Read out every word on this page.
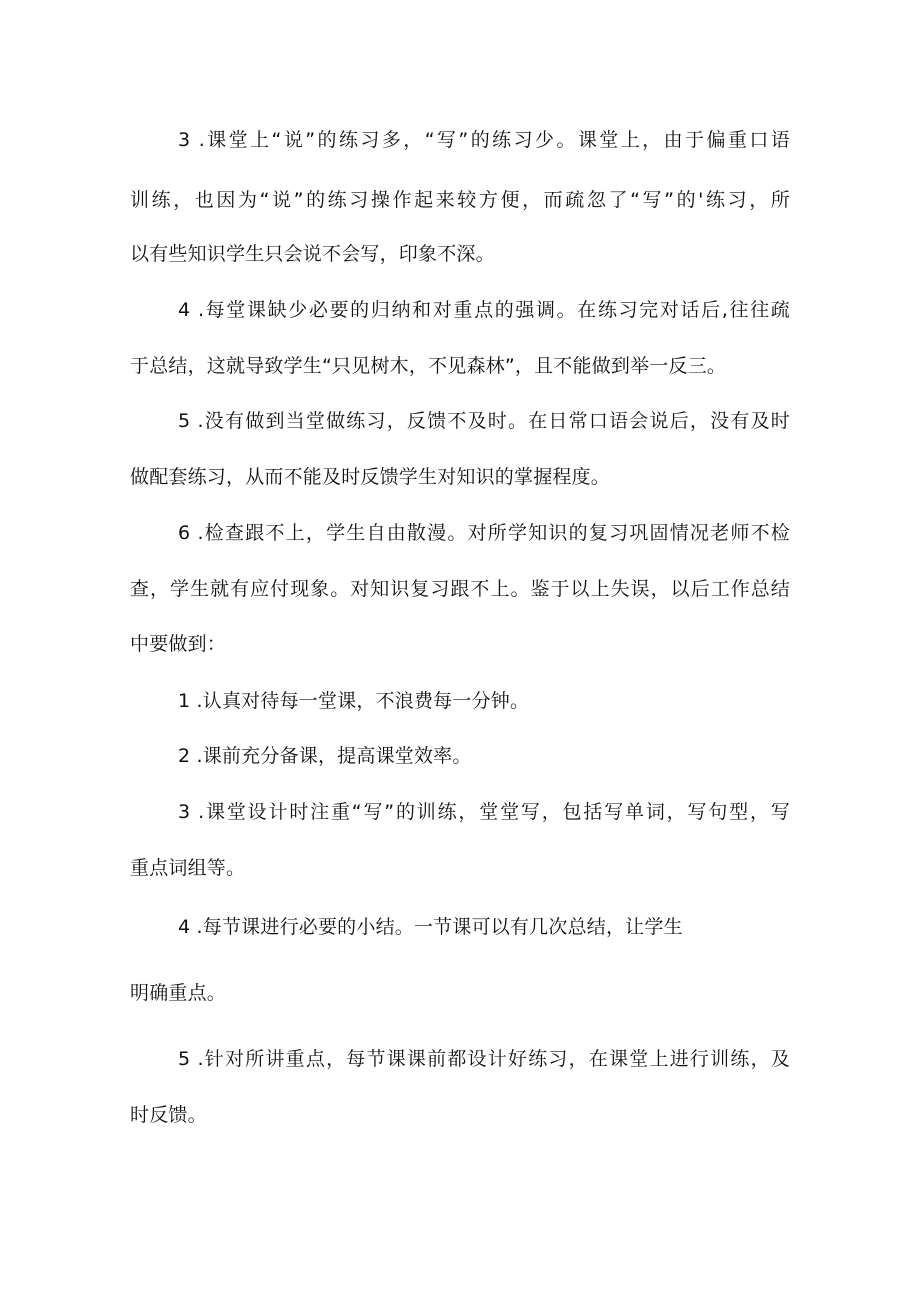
3 .课堂上“说”的练习多，“写”的练习少。课堂上，由于偏重口语
训练，也因为“说”的练习操作起来较方便，而疏忽了“写”的'练习，所
以有些知识学生只会说不会写，印象不深。
4 .每堂课缺少必要的归纳和对重点的强调。在练习完对话后,往往疏
于总结，这就导致学生“只见树木，不见森林”，且不能做到举一反三。
5 .没有做到当堂做练习，反馈不及时。在日常口语会说后，没有及时
做配套练习，从而不能及时反馈学生对知识的掌握程度。
6 .检查跟不上，学生自由散漫。对所学知识的复习巩固情况老师不检
查，学生就有应付现象。对知识复习跟不上。鉴于以上失误，以后工作总结
中要做到：
1 .认真对待每一堂课，不浪费每一分钟。
2 .课前充分备课，提高课堂效率。
3 .课堂设计时注重“写”的训练，堂堂写，包括写单词，写句型，写
重点词组等。
4 .每节课进行必要的小结。一节课可以有几次总结，让学生
明确重点。
5 .针对所讲重点，每节课课前都设计好练习，在课堂上进行训练，及
时反馈。
